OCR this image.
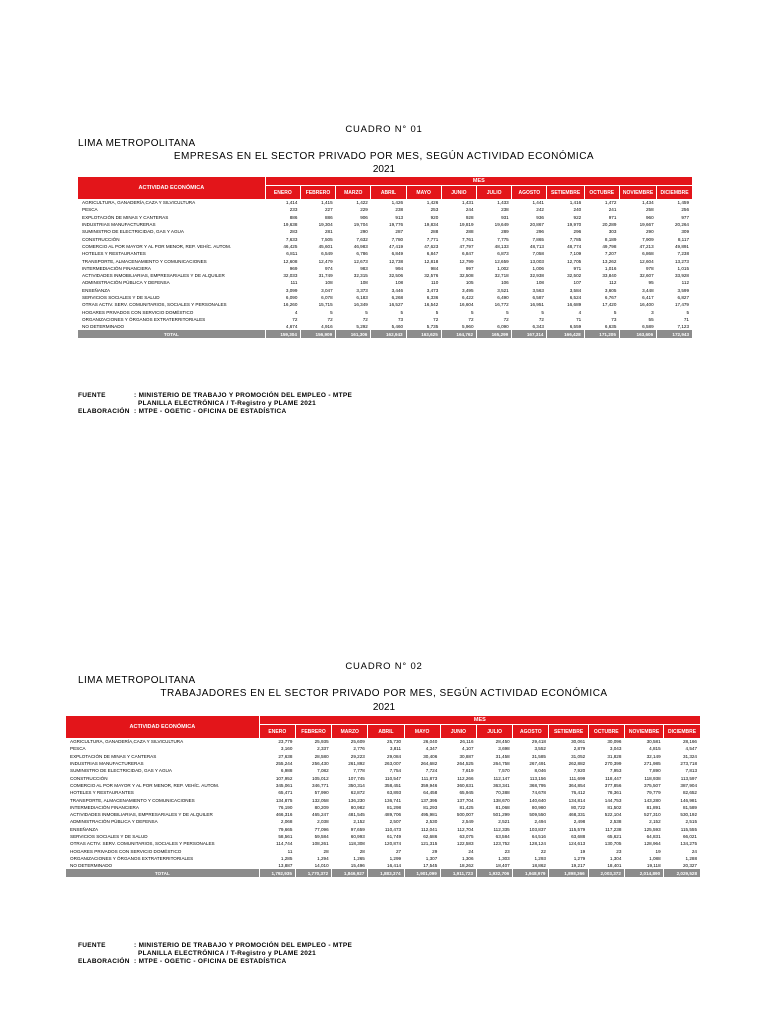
CUADRO N° 01
LIMA METROPOLITANA
EMPRESAS EN EL SECTOR PRIVADO POR MES, SEGÚN ACTIVIDAD ECONÓMICA
2021
ACTIVIDAD ECONÓMICA	MES											
	ENERO	FEBRERO	MARZO	ABRIL	MAYO	JUNIO	JULIO	AGOSTO	SETIEMBRE	OCTUBRE	NOVIEMBRE	DICIEMBRE
AGRICULTURA, GANADERÍA,CAZA Y SILVICULTURA	1,414	1,415	1,422	1,426	1,426	1,431	1,433	1,441	1,416	1,472	1,434	1,459
PESCA	233	227	229	238	253	244	238	242	240	241	258	256
EXPLOTACIÓN DE MINAS Y CANTERAS	886	886	906	913	920	928	931	936	922	971	960	977
INDUSTRIAS MANUFACTURERAS	19,638	19,304	19,704	19,776	19,834	19,819	19,649	20,867	19,970	20,289	19,667	20,264
SUMINISTRO DE ELECTRICIDAD, GAS Y AGUA	283	281	290	287	288	288	289	296	296	303	290	309
CONSTRUCCIÓN	7,633	7,505	7,632	7,780	7,771	7,761	7,775	7,865	7,785	8,189	7,909	8,117
COMERCIO AL POR MAYOR Y AL POR MENOR, REP. VEHÍC. AUTOM.	46,425	45,601	46,983	47,419	47,623	47,797	48,133	48,713	48,774	49,798	47,213	49,891
HOTELES Y RESTAURANTES	6,811	6,549	6,786	6,849	6,847	6,847	6,873	7,058	7,109	7,207	6,868	7,238
TRANSPORTE, ALMACENAMIENTO Y COMUNICACIONES	12,608	12,479	12,673	12,738	12,818	12,799	12,659	13,003	12,705	13,262	12,604	13,273
INTERMEDIACIÓN FINANCIERA	969	974	983	994	984	997	1,002	1,006	971	1,016	978	1,015
ACTIVIDADES INMOBILIARIAS, EMPRESARIALES Y DE ALQUILER	32,033	31,749	32,315	32,506	32,576	32,508	32,718	32,938	32,502	33,840	32,607	33,928
ADMINISTRACIÓN PÚBLICA Y DEFENSA	111	108	108	108	110	105	106	108	107	112	95	112
ENSEÑANZA	3,099	3,047	3,373	3,446	3,473	3,495	3,521	3,563	3,584	3,605	3,448	3,599
SERVICIOS SOCIALES Y DE SALUD	6,090	6,078	6,183	6,268	6,336	6,422	6,490	6,587	6,524	6,767	6,417	6,827
OTRAS ACTIV. SERV. COMUNITARIOS, SOCIALES Y PERSONALES	16,260	15,715	16,349	16,527	16,542	16,604	16,772	16,951	16,689	17,420	16,400	17,479
HOGARES PRIVADOS CON SERVICIO DOMÉSTICO	4	5	5	5	5	5	5	5	4	5	3	5
ORGANIZACIONES Y ÓRGANOS EXTRATERRITORIALES	72	72	72	73	72	72	72	72	71	73	55	71
NO DETERMINADO	4,674	4,916	5,292	5,460	5,735	5,960	6,090	6,343	6,559	6,635	6,589	7,123
TOTAL	159,304	156,909	161,306	162,943	163,625	164,762	165,299	167,314	166,428	171,205	163,606	172,943
FUENTE	: MINISTERIO DE TRABAJO Y PROMOCIÓN DEL EMPLEO - MTPE
PLANILLA ELECTRÓNICA / T-Registro y PLAME 2021
ELABORACIÓN : MTPE - OGETIC - OFICINA DE ESTADÍSTICA
CUADRO N° 02
LIMA METROPOLITANA
TRABAJADORES EN EL SECTOR PRIVADO POR MES, SEGÚN ACTIVIDAD ECONÓMICA
2021
ACTIVIDAD ECONÓMICA	MES											
	ENERO	FEBRERO	MARZO	ABRIL	MAYO	JUNIO	JULIO	AGOSTO	SETIEMBRE	OCTUBRE	NOVIEMBRE	DICIEMBRE
AGRICULTURA, GANADERÍA,CAZA Y SILVICULTURA	23,779	25,935	25,609	25,730	26,040	26,116	28,450	29,418	30,061	30,096	30,581	28,166
PESCA	3,160	2,337	2,776	3,811	4,347	4,107	3,698	3,552	2,879	3,043	4,815	4,547
EXPLOTACIÓN DE MINAS Y CANTERAS	27,638	28,580	29,223	29,084	30,406	30,887	31,458	31,585	31,052	31,828	32,149	31,324
INDUSTRIAS MANUFACTURERAS	255,244	256,430	261,892	263,007	264,682	264,525	264,758	267,491	262,882	270,399	271,985	273,718
SUMINISTRO DE ELECTRICIDAD, GAS Y AGUA	6,988	7,082	7,778	7,754	7,724	7,619	7,570	8,046	7,920	7,953	7,890	7,813
CONSTRUCCIÓN	107,952	105,012	107,745	110,547	111,873	112,266	112,147	113,156	111,699	118,447	118,938	113,597
COMERCIO AL POR MAYOR Y AL POR MENOR, REP. VEHÍC. AUTOM.	345,061	346,771	350,314	358,451	359,946	360,631	363,341	368,795	364,854	377,856	375,507	387,904
HOTELES Y RESTAURANTES	65,471	57,990	62,872	63,893	64,458	65,945	70,388	74,678	76,412	78,361	79,779	82,652
TRANSPORTE, ALMACENAMIENTO Y COMUNICACIONES	134,875	132,058	136,230	136,741	137,395	137,704	138,670	140,640	134,814	144,753	143,280	146,981
INTERMEDIACIÓN FINANCIERA	76,190	80,209	80,982	81,298	81,293	81,425	81,068	80,980	80,722	81,502	81,891	81,589
ACTIVIDADES INMOBILIARIAS, EMPRESARIALES Y DE ALQUILER	466,316	465,247	481,545	489,706	495,981	500,007	501,299	509,550	468,331	522,104	527,310	530,192
ADMINISTRACIÓN PÚBLICA Y DEFENSA	2,068	2,038	2,152	2,507	2,530	2,549	2,521	2,494	2,498	2,538	2,152	2,515
ENSEÑANZA	79,665	77,096	97,659	110,473	112,041	112,704	112,335	103,837	115,579	117,238	125,593	115,555
SERVICIOS SOCIALES Y DE SALUD	58,561	59,584	60,993	61,749	62,686	63,075	63,584	64,516	63,688	65,621	64,831	66,021
OTRAS ACTIV. SERV. COMUNITARIOS, SOCIALES Y PERSONALES	114,744	108,261	118,308	120,874	121,315	122,583	123,752	128,124	124,613	130,705	128,964	134,275
HOGARES PRIVADOS CON SERVICIO DOMÉSTICO	11	28	28	27	29	24	23	22	19	23	19	24
ORGANIZACIONES Y ÓRGANOS EXTRATERRITORIALES	1,285	1,294	1,265	1,299	1,307	1,306	1,303	1,293	1,279	1,304	1,088	1,288
NO DETERMINADO	13,887	14,010	15,496	16,414	17,545	18,262	18,407	18,862	19,217	18,401	19,118	20,327
TOTAL	1,792,935	1,770,372	1,846,927	1,883,374	1,901,099	1,911,723	1,932,706	1,948,979	1,898,366	2,003,372	2,014,890	2,029,528
FUENTE	: MINISTERIO DE TRABAJO Y PROMOCIÓN DEL EMPLEO - MTPE
PLANILLA ELECTRÓNICA / T-Registro y PLAME 2021
ELABORACIÓN : MTPE - OGETIC - OFICINA DE ESTADÍSTICA
